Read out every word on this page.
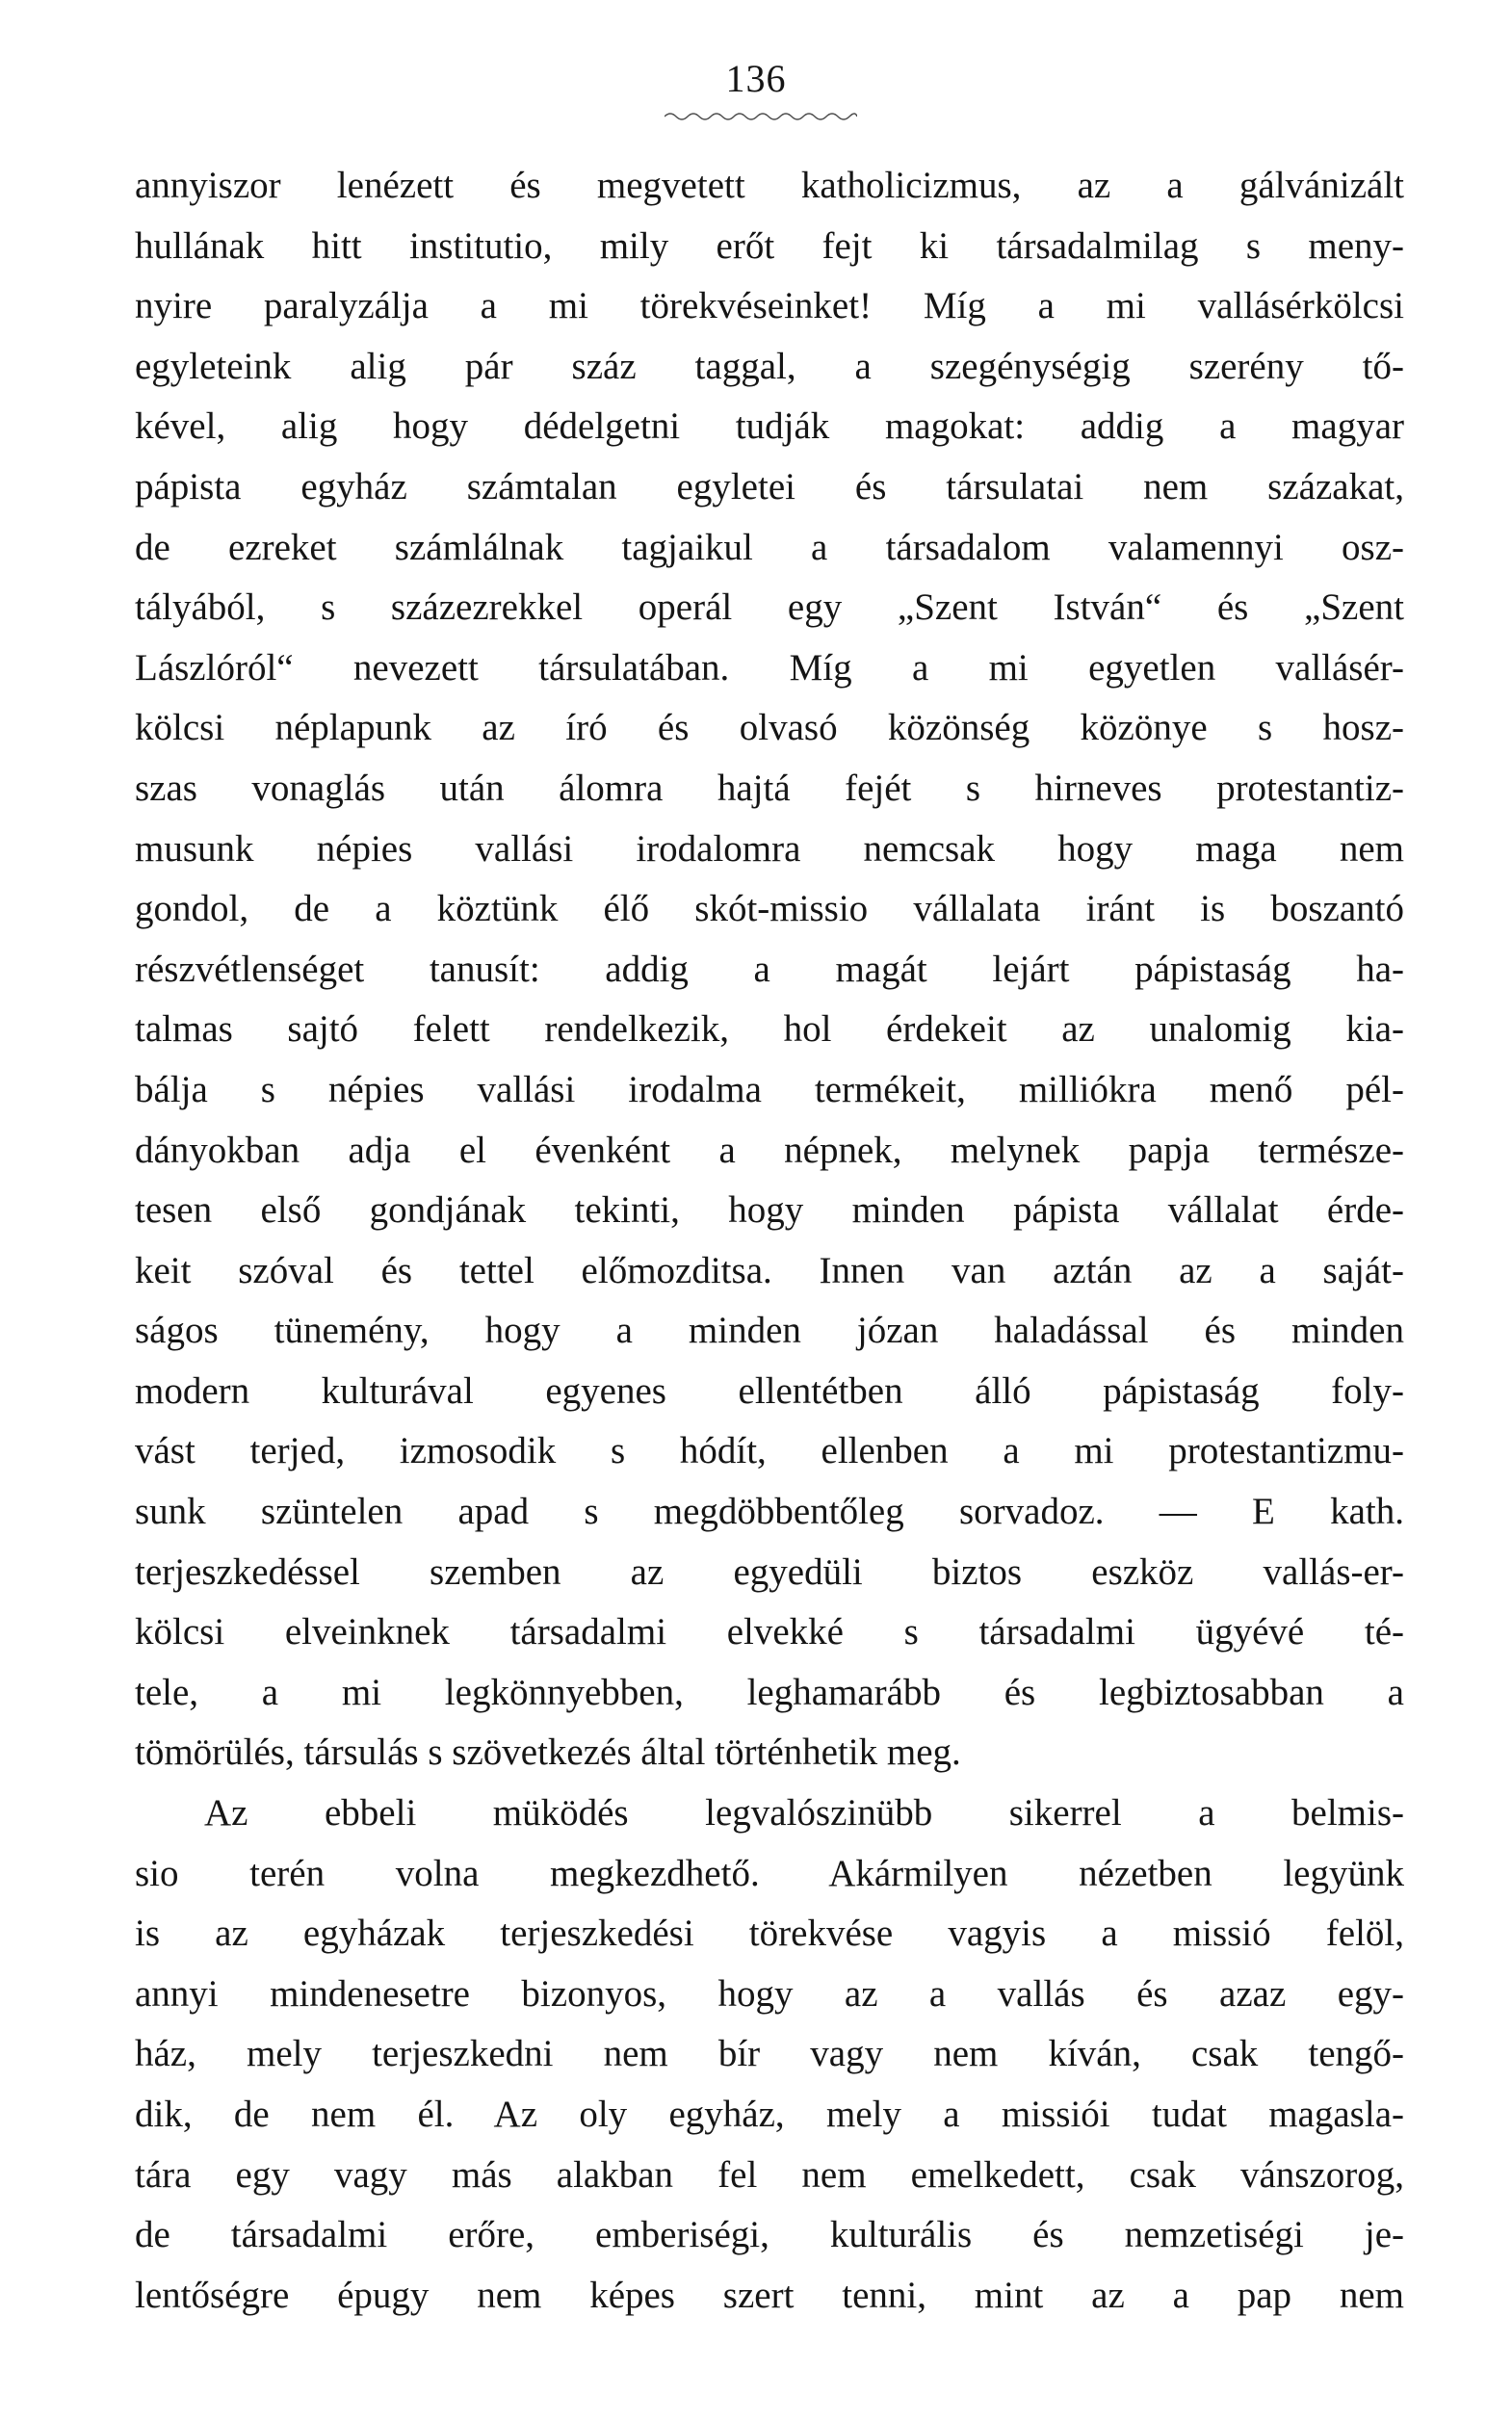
136
annyiszor lenézett és megvetett katholicizmus, az a gálvánizált
hullának hitt institutio, mily erőt fejt ki társadalmilag s meny-
nyire paralyzálja a mi törekvéseinket! Míg a mi vallásérkölcsi
egyleteink alig pár száz taggal, a szegénységig szerény tő-
kével, alig hogy dédelgetni tudják magokat: addig a magyar
pápista egyház számtalan egyletei és társulatai nem százakat,
de ezreket számlálnak tagjaikul a társadalom valamennyi osz-
tályából, s százezrekkel operál egy „Szent István“ és „Szent
Lászlóról“ nevezett társulatában. Míg a mi egyetlen vallásér-
kölcsi néplapunk az író és olvasó közönség közönye s hosz-
szas vonaglás után álomra hajtá fejét s hirneves protestantiz-
musunk népies vallási irodalomra nemcsak hogy maga nem
gondol, de a köztünk élő skót-missio vállalata iránt is boszantó
részvétlenséget tanusít: addig a magát lejárt pápistaság ha-
talmas sajtó felett rendelkezik, hol érdekeit az unalomig kia-
bálja s népies vallási irodalma termékeit, milliókra menő pél-
dányokban adja el évenként a népnek, melynek papja természe-
tesen első gondjának tekinti, hogy minden pápista vállalat érde-
keit szóval és tettel előmozditsa. Innen van aztán az a saját-
ságos tünemény, hogy a minden józan haladással és minden
modern kulturával egyenes ellentétben álló pápistaság foly-
vást terjed, izmosodik s hódít, ellenben a mi protestantizmu-
sunk szüntelen apad s megdöbbentőleg sorvadoz. — E kath.
terjeszkedéssel szemben az egyedüli biztos eszköz vallás-er-
kölcsi elveinknek társadalmi elvekké s társadalmi ügyévé té-
tele, a mi legkönnyebben, leghamarább és legbiztosabban a
tömörülés, társulás s szövetkezés által történhetik meg.
Az ebbeli müködés legvalószinübb sikerrel a belmis-
sio terén volna megkezdhető. Akármilyen nézetben legyünk
is az egyházak terjeszkedési törekvése vagyis a missió felöl,
annyi mindenesetre bizonyos, hogy az a vallás és azaz egy-
ház, mely terjeszkedni nem bír vagy nem kíván, csak tengő-
dik, de nem él. Az oly egyház, mely a missiói tudat magasla-
tára egy vagy más alakban fel nem emelkedett, csak vánszorog,
de társadalmi erőre, emberiségi, kulturális és nemzetiségi je-
lentőségre épugy nem képes szert tenni, mint az a pap nem
